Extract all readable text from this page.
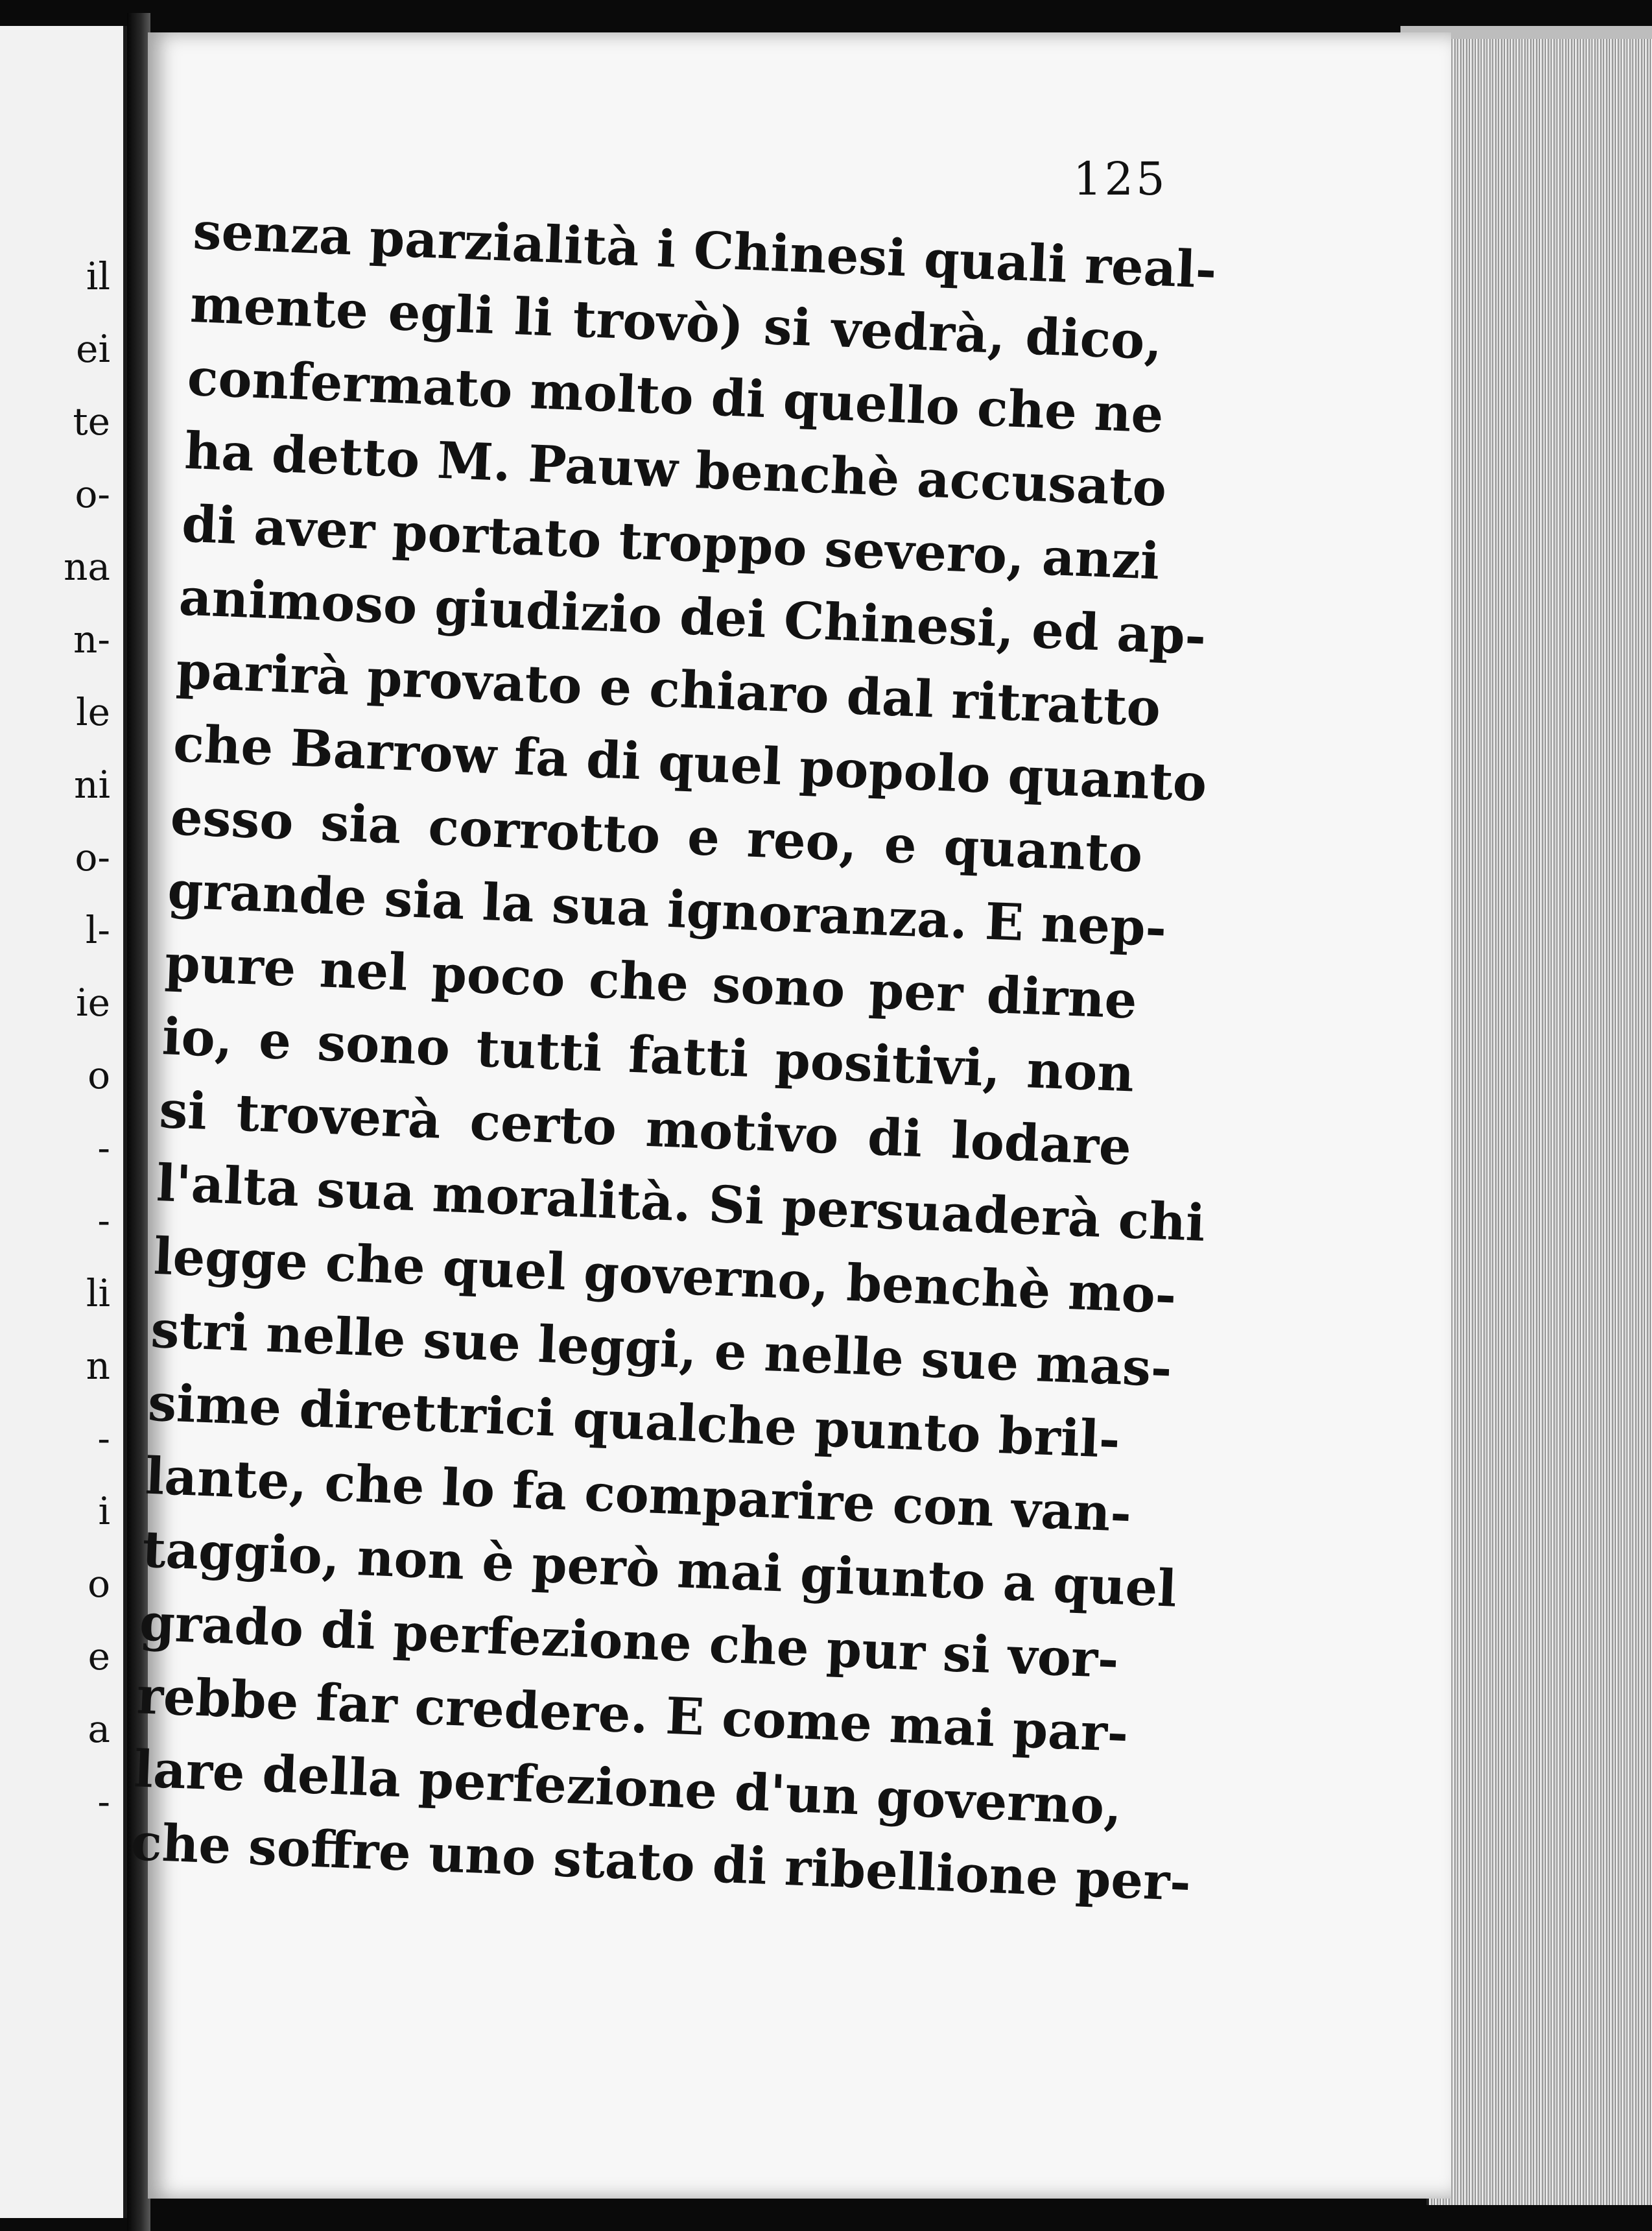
il
ei
te
o-
na
n-
le
ni
o-
l-
ie
o
-
-
li
n
-
i
o
e
a
-
125
senza parzialità i Chinesi quali real-
mente egli li trovò) si vedrà, dico,
confermato molto di quello che ne
ha detto M. Pauw benchè accusato
di aver portato troppo severo, anzi
animoso giudizio dei Chinesi, ed ap-
parirà provato e chiaro dal ritratto
che Barrow fa di quel popolo quanto
esso sia corrotto e reo, e quanto
grande sia la sua ignoranza. E nep-
pure nel poco che sono per dirne
io, e sono tutti fatti positivi, non
si troverà certo motivo di lodare
l'alta sua moralità. Si persuaderà chi
legge che quel governo, benchè mo-
stri nelle sue leggi, e nelle sue mas-
sime direttrici qualche punto bril-
lante, che lo fa comparire con van-
taggio, non è però mai giunto a quel
grado di perfezione che pur si vor-
rebbe far credere. E come mai par-
lare della perfezione d'un governo,
che soffre uno stato di ribellione per-
